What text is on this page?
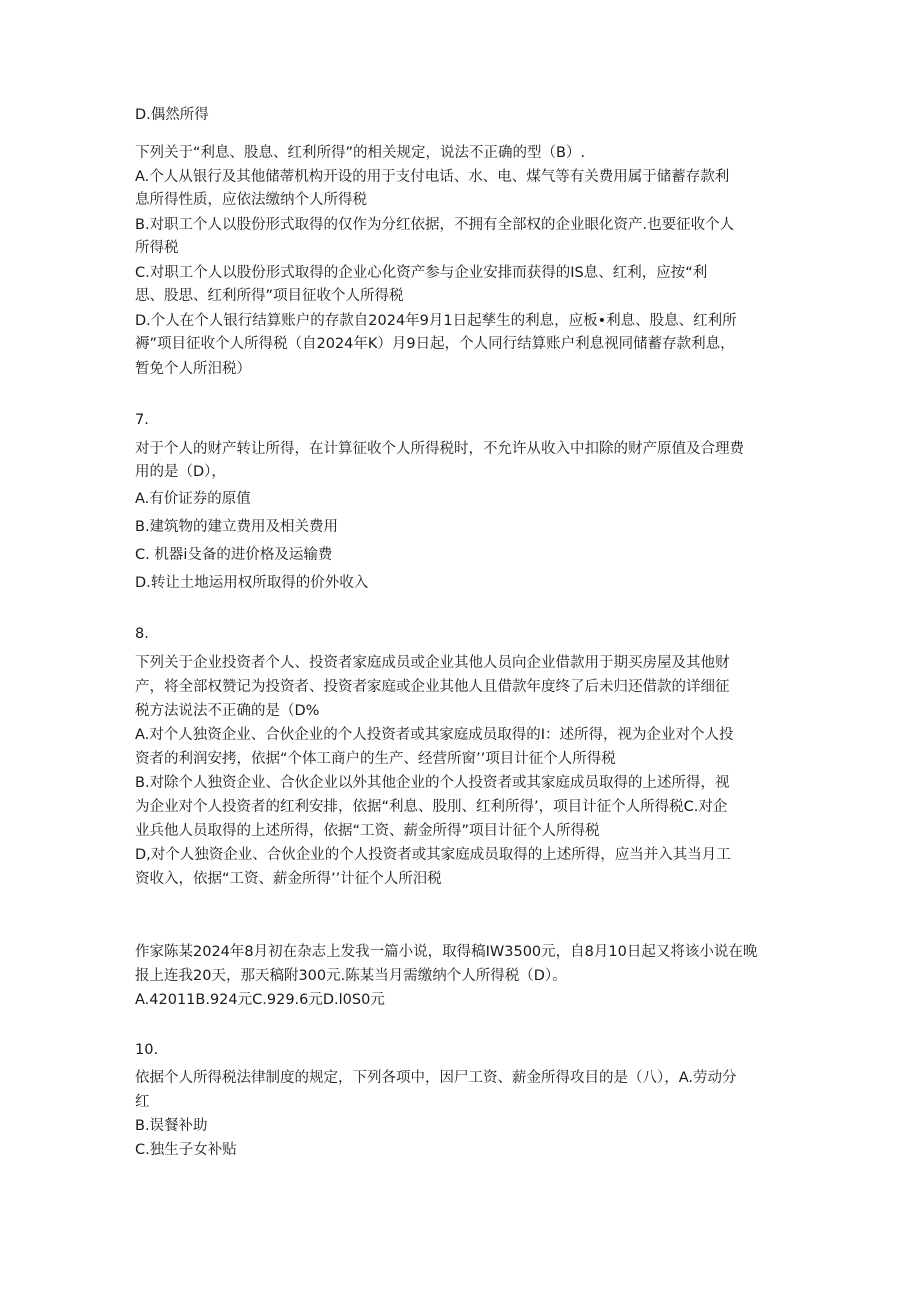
D.偶然所得
下列关于“利息、股息、红利所得”的相关规定，说法不正确的型（B）.
A.个人从银行及其他储蒂机构开设的用于支付电话、水、电、煤气等有关费用属于储蓄存款利
息所得性质，应依法缴纳个人所得税
B.对职工个人以股份形式取得的仅作为分红依据，不拥有全部权的企业眼化资产.也要征收个人
所得税
C.对职工个人以股份形式取得的企业心化资产参与企业安排而获得的IS息、红利，应按“利
思、股思、红利所得”项目征收个人所得税
D.个人在个人银行结算账户的存款自2024年9月1日起孳生的利息，应板•利息、股息、红利所
褥”项目征收个人所得税（自2024年K）月9日起，个人同行结算账户利息视同储蓄存款利息，
暂免个人所汨税）
7.
对于个人的财产转让所得，在计算征收个人所得税时，不允许从收入中扣除的财产原值及合理费
用的是（D），
A.有价证券的原值
B.建筑物的建立费用及相关费用
C. 机器i殳备的进价格及运输费
D.转让土地运用权所取得的价外收入
8.
下列关于企业投资者个人、投资者家庭成员或企业其他人员向企业借款用于期买房屋及其他财
产，将全部权赞记为投资者、投资者家庭或企业其他人且借款年度终了后未归还借款的详细征
税方法说法不正确的是（D%
A.对个人独资企业、合伙企业的个人投资者或其家庭成员取得的I：述所得，视为企业对个人投
资者的利润安拷，依据“个体工商户的生产、经营所窗’’项目计征个人所得税
B.对除个人独资企业、合伙企业以外其他企业的个人投资者或其家庭成员取得的上述所得，视
为企业对个人投资者的红利安排，依据“利息、股刖、红利所得’，项目计征个人所得税C.对企
业兵他人员取得的上述所得，依据“工资、薪金所得”项目计征个人所得税
D,对个人独资企业、合伙企业的个人投资者或其家庭成员取得的上述所得，应当并入其当月工
资收入，依据“工资、薪金所得’’计征个人所汨税
作家陈某2024年8月初在杂志上发我一篇小说，取得稿IW3500元，自8月10日起又将该小说在晚
报上连我20天，那天稿附300元.陈某当月需缴纳个人所得税（D）。
A.42011B.924元C.929.6元D.l0S0元
10.
依据个人所得税法律制度的规定，下列各项中，因尸工资、薪金所得攻目的是（八），A.劳动分
红
B.误餐补助
C.独生子女补贴
